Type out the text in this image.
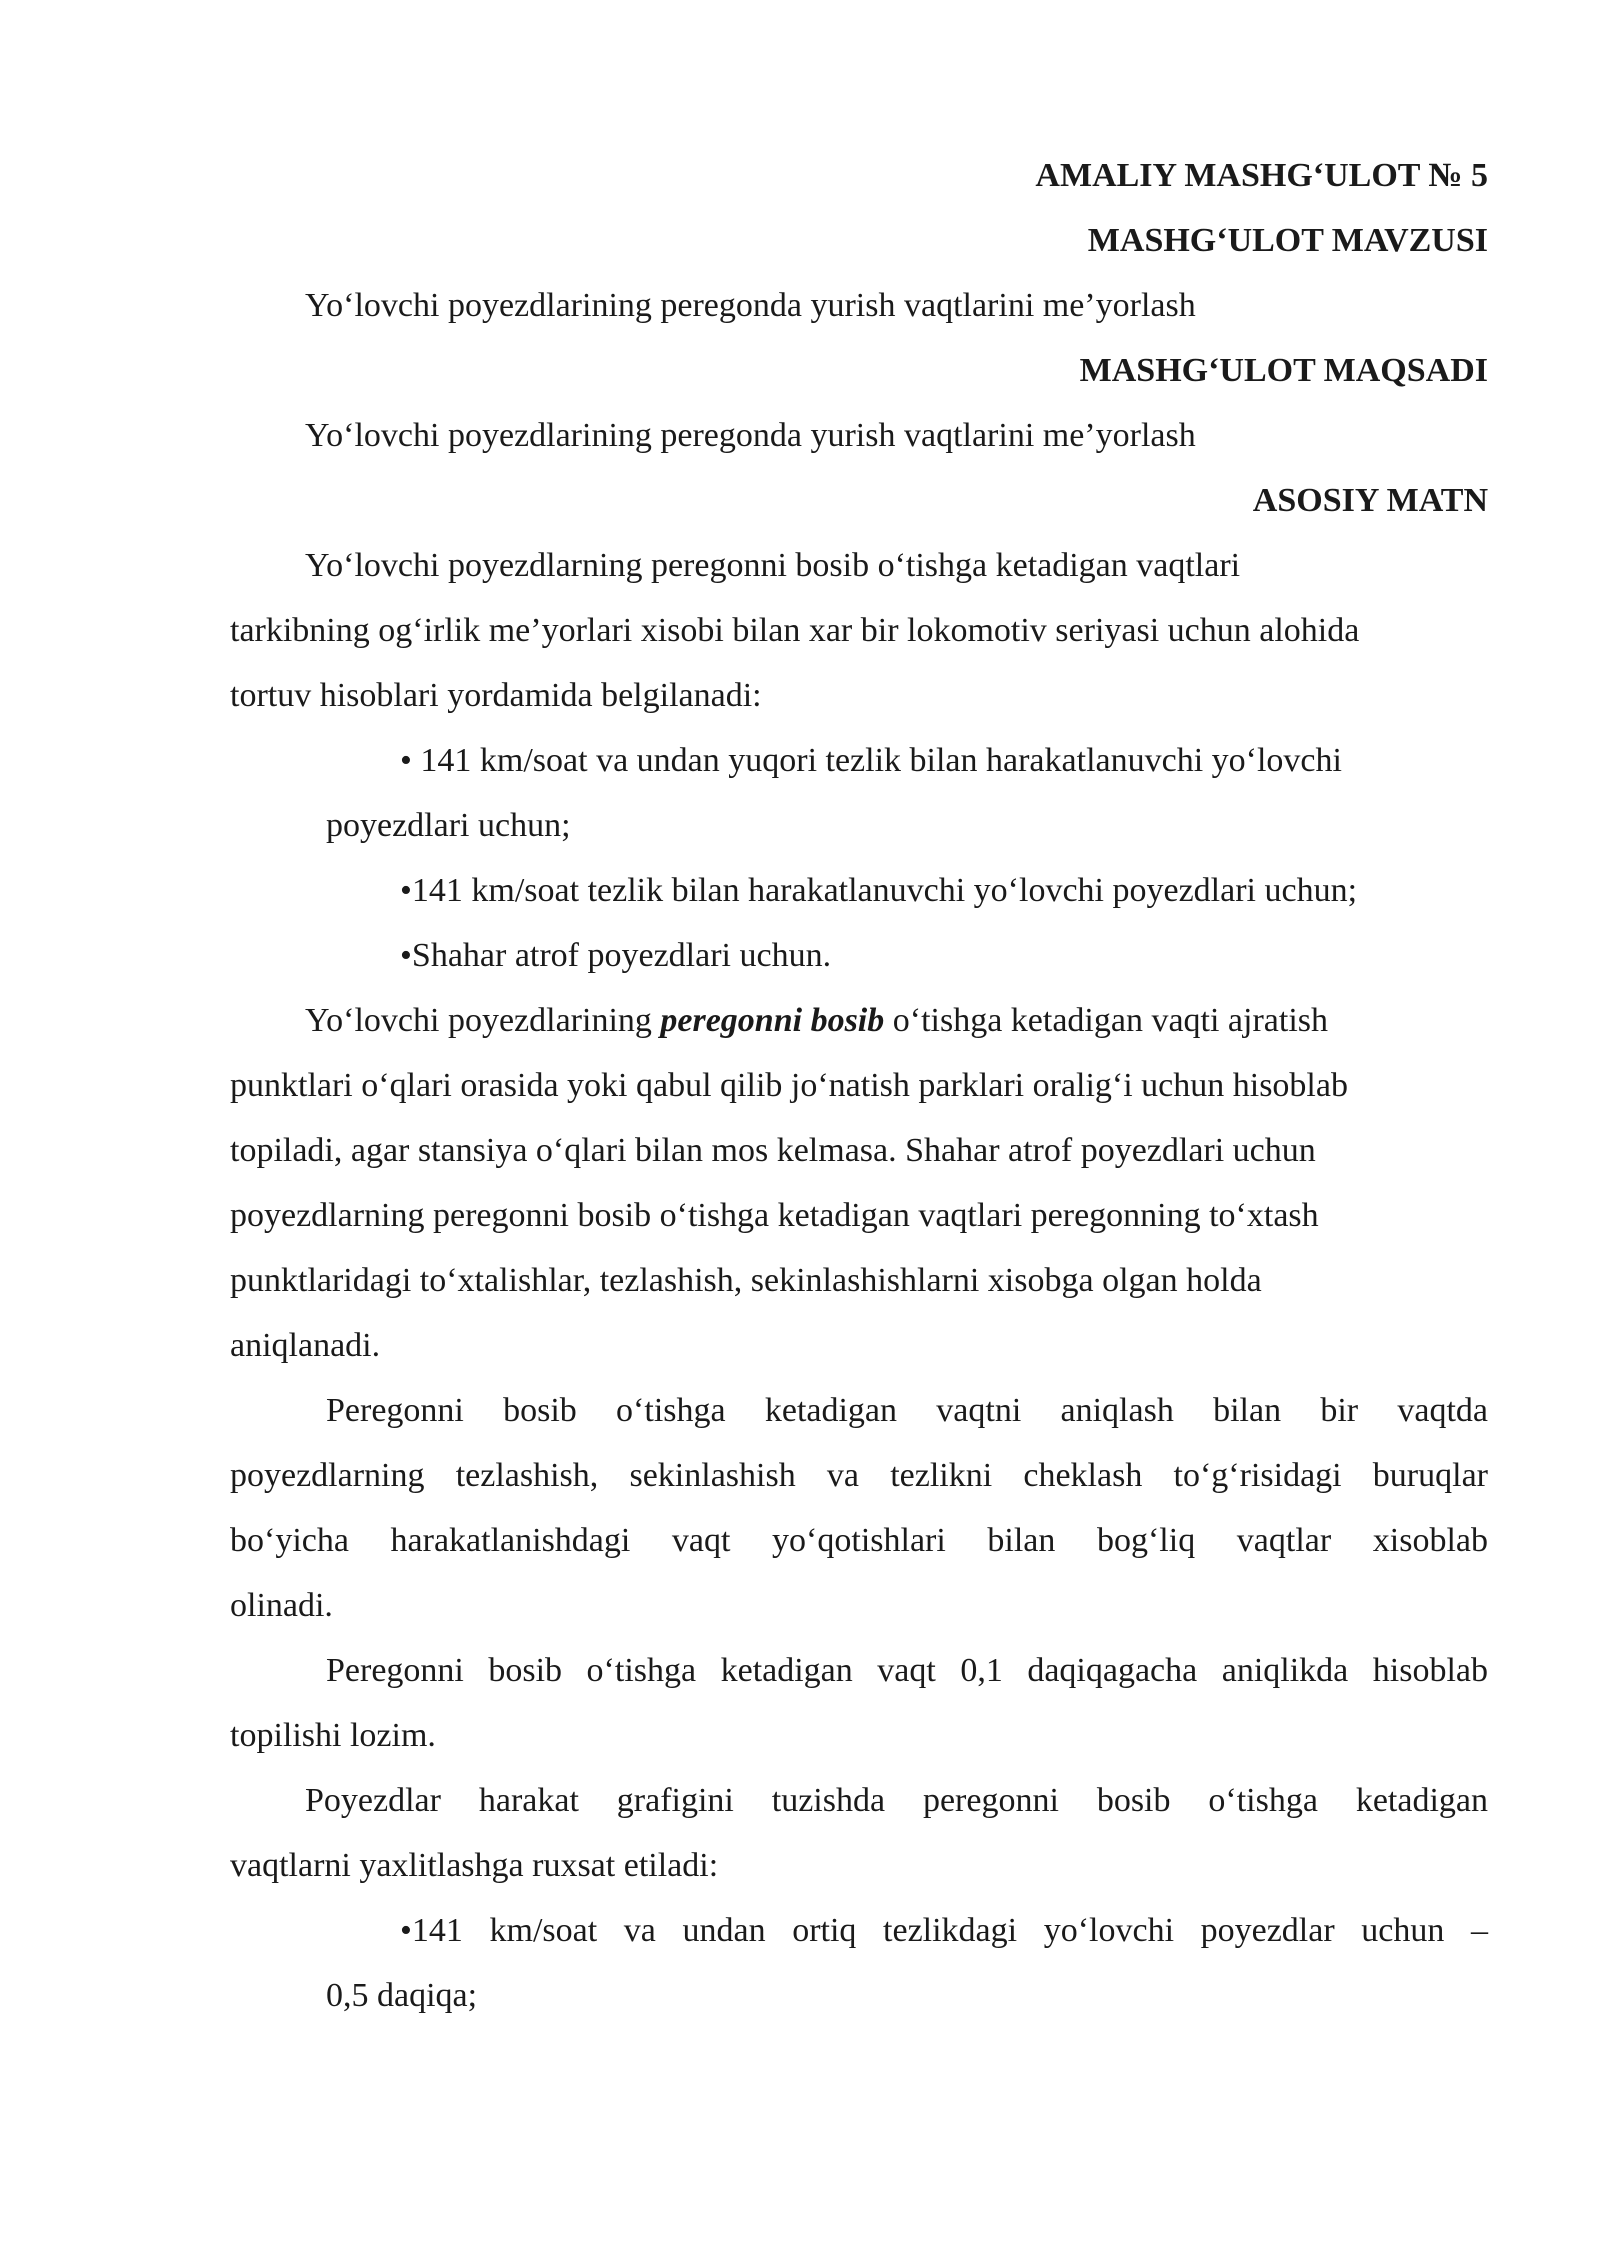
AMALIY MASHG‘ULOT № 5

MASHG‘ULOT MAVZUSI

Yo‘lovchi poyezdlarining peregonda yurish vaqtlarini me’yorlash

MASHG‘ULOT MAQSADI

Yo‘lovchi poyezdlarining peregonda yurish vaqtlarini me’yorlash

ASOSIY MATN

Yo‘lovchi poyezdlarning peregonni bosib o‘tishga ketadigan vaqtlari

tarkibning og‘irlik me’yorlari xisobi bilan xar bir lokomotiv seriyasi uchun alohida

tortuv hisoblari yordamida belgilanadi:

• 141 km/soat va undan yuqori tezlik bilan harakatlanuvchi yo‘lovchi

poyezdlari uchun;

•141 km/soat tezlik bilan harakatlanuvchi yo‘lovchi poyezdlari uchun;

•Shahar atrof poyezdlari uchun.

Yo‘lovchi poyezdlarining peregonni bosib o‘tishga ketadigan vaqti ajratish

punktlari o‘qlari orasida yoki qabul qilib jo‘natish parklari oralig‘i uchun hisoblab

topiladi, agar stansiya o‘qlari bilan mos kelmasa. Shahar atrof poyezdlari uchun

poyezdlarning peregonni bosib o‘tishga ketadigan vaqtlari peregonning to‘xtash

punktlaridagi to‘xtalishlar, tezlashish, sekinlashishlarni xisobga olgan holda

aniqlanadi.

Peregonni bosib o‘tishga ketadigan vaqtni aniqlash bilan bir vaqtda

poyezdlarning tezlashish, sekinlashish va tezlikni cheklash to‘g‘risidagi buruqlar

bo‘yicha harakatlanishdagi vaqt yo‘qotishlari bilan bog‘liq vaqtlar xisoblab

olinadi.

Peregonni bosib o‘tishga ketadigan vaqt 0,1 daqiqagacha aniqlikda hisoblab

topilishi lozim.

Poyezdlar harakat grafigini tuzishda peregonni bosib o‘tishga ketadigan

vaqtlarni yaxlitlashga ruxsat etiladi:

•141 km/soat va undan ortiq tezlikdagi yo‘lovchi poyezdlar uchun –

0,5 daqiqa;
